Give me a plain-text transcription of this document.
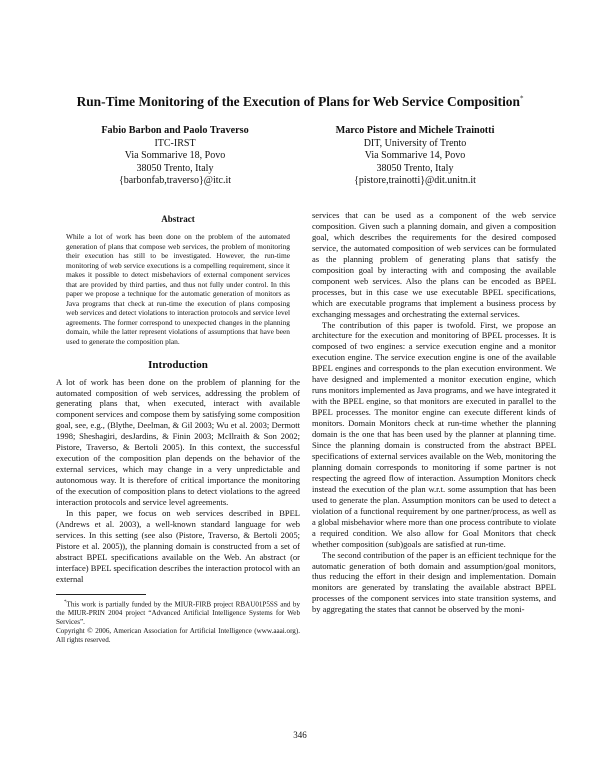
Run-Time Monitoring of the Execution of Plans for Web Service Composition*
Fabio Barbon and Paolo Traverso
ITC-IRST
Via Sommarive 18, Povo
38050 Trento, Italy
{barbonfab,traverso}@itc.it
Marco Pistore and Michele Trainotti
DIT, University of Trento
Via Sommarive 14, Povo
38050 Trento, Italy
{pistore,trainotti}@dit.unitn.it
Abstract

While a lot of work has been done on the problem of the automated generation of plans that compose web services, the problem of monitoring their execution has still to be investigated. However, the run-time monitoring of web service executions is a compelling requirement, since it makes it possible to detect misbehaviors of external component services that are provided by third parties, and thus not fully under control. In this paper we propose a technique for the automatic generation of monitors as Java programs that check at run-time the execution of plans composing web services and detect violations to interaction protocols and service level agreements. The former correspond to unexpected changes in the planning domain, while the latter represent violations of assumptions that have been used to generate the composition plan.

Introduction

A lot of work has been done on the problem of planning for the automated composition of web services, addressing the problem of generating plans that, when executed, interact with available component services and compose them by satisfying some composition goal, see, e.g., (Blythe, Deelman, & Gil 2003; Wu et al. 2003; Dermott 1998; Sheshagiri, desJardins, & Finin 2003; McIlraith & Son 2002; Pistore, Traverso, & Bertoli 2005). In this context, the successful execution of the composition plan depends on the behavior of the external services, which may change in a very unpredictable and autonomous way. It is therefore of critical importance the monitoring of the execution of composition plans to detect violations to the agreed interaction protocols and service level agreements.

In this paper, we focus on web services described in BPEL (Andrews et al. 2003), a well-known standard language for web services. In this setting (see also (Pistore, Traverso, & Bertoli 2005; Pistore et al. 2005)), the planning domain is constructed from a set of abstract BPEL specifications available on the Web. An abstract (or interface) BPEL specification describes the interaction protocol with an external

*This work is partially funded by the MIUR-FIRB project RBAU01P5SS and by the MIUR-PRIN 2004 project “Advanced Artificial Intelligence Systems for Web Services”.

Copyright © 2006, American Association for Artificial Intelligence (www.aaai.org). All rights reserved.

services that can be used as a component of the web service composition. Given such a planning domain, and given a composition goal, which describes the requirements for the desired composed service, the automated composition of web services can be formulated as the planning problem of generating plans that satisfy the composition goal by interacting with and composing the available component web services. Also the plans can be encoded as BPEL processes, but in this case we use executable BPEL specifications, which are executable programs that implement a business process by exchanging messages and orchestrating the external services.

The contribution of this paper is twofold. First, we propose an architecture for the execution and monitoring of BPEL processes. It is composed of two engines: a service execution engine and a monitor execution engine. The service execution engine is one of the available BPEL engines and corresponds to the plan execution environment. We have designed and implemented a monitor execution engine, which runs monitors implemented as Java programs, and we have integrated it with the BPEL engine, so that monitors are executed in parallel to the BPEL processes. The monitor engine can execute different kinds of monitors. Domain Monitors check at run-time whether the planning domain is the one that has been used by the planner at planning time. Since the planning domain is constructed from the abstract BPEL specifications of external services available on the Web, monitoring the planning domain corresponds to monitoring if some partner is not respecting the agreed flow of interaction. Assumption Monitors check instead the execution of the plan w.r.t. some assumption that has been used to generate the plan. Assumption monitors can be used to detect a violation of a functional requirement by one partner/process, as well as a global misbehavior where more than one process contribute to violate a required condition. We also allow for Goal Monitors that check whether composition (sub)goals are satisfied at run-time.

The second contribution of the paper is an efficient technique for the automatic generation of both domain and assumption/goal monitors, thus reducing the effort in their design and implementation. Domain monitors are generated by translating the available abstract BPEL processes of the component services into state transition systems, and by aggregating the states that cannot be observed by the moni-

346
